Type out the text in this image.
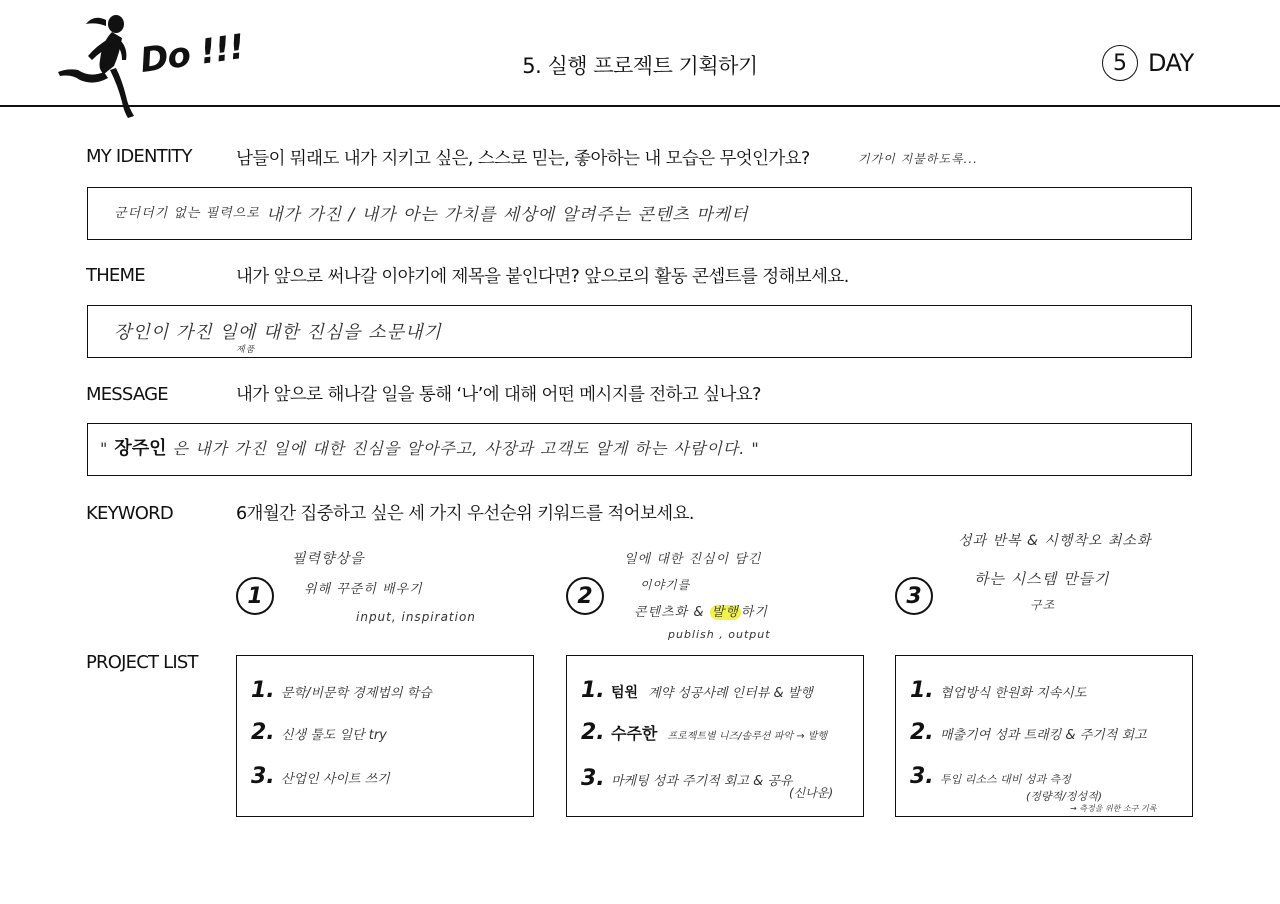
Do !!!	5. 실행 프로젝트 기획하기	5 DAY
MY IDENTITY	남들이 뭐래도 내가 지키고 싶은, 스스로 믿는, 좋아하는 내 모습은 무엇인가요?	기가이 지불하도록...
군더더기 없는 필력으로 내가 가진 / 내가 아는 가치를 세상에 알려주는 콘텐츠 마케터
THEME	내가 앞으로 써나갈 이야기에 제목을 붙인다면? 앞으로의 활동 콘셉트를 정해보세요.
장인이 가진 일에 대한 진심을 소문내기
제품
MESSAGE	내가 앞으로 해나갈 일을 통해 ‘나’에 대해 어떤 메시지를 전하고 싶나요?
" 장주인 은 내가 가진 일에 대한 진심을 알아주고, 사장과 고객도 알게 하는 사람이다. "
KEYWORD	6개월간 집중하고 싶은 세 가지 우선순위 키워드를 적어보세요.
1
필력향상을
위해 꾸준히 배우기
input, inspiration
2
일에 대한 진심이 담긴
이야기를
콘텐츠화 & 발행 하기
publish , output
3
성과 반복 & 시행착오 최소화
하는 시스템 만들기
구조
PROJECT LIST
1. 문학/비문학 경제법의 학습
2. 신생 툴도 일단 try
3. 산업인 사이트 쓰기
1. 텀원 계약 성공사례 인터뷰 & 발행
2. 수주한 프로젝트별 니즈/솔루션 파악 → 발행
3. 마케팅 성과 주기적 회고 & 공유
(신나운)
1. 협업방식 한원화 지속시도
2. 매출기여 성과 트래킹 & 주기적 회고
3. 투입 리소스 대비 성과 측정
(정량적/정성적)
→ 측정을 위한 소구 기록
